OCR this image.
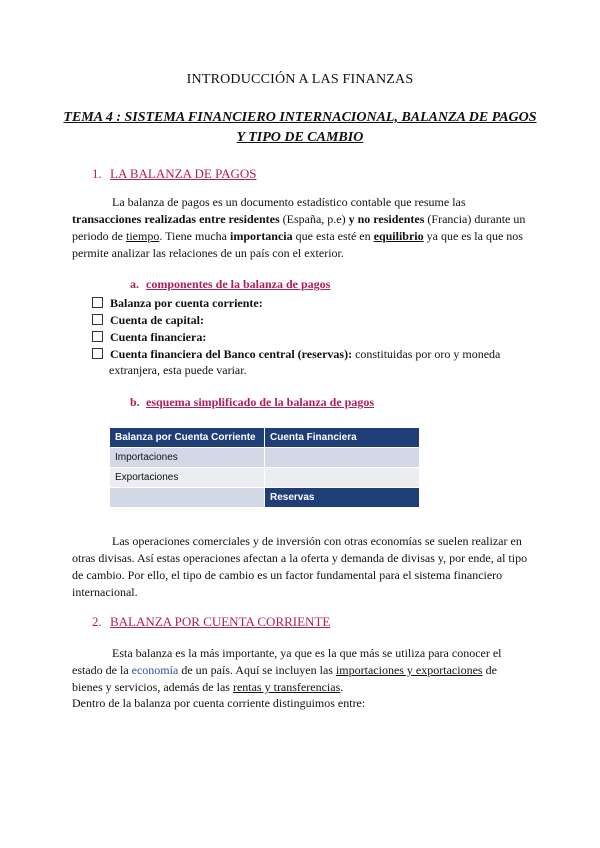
INTRODUCCIÓN A LAS FINANZAS
TEMA 4 : SISTEMA FINANCIERO INTERNACIONAL, BALANZA DE PAGOS Y TIPO DE CAMBIO
1. LA BALANZA DE PAGOS
La balanza de pagos es un documento estadístico contable que resume las transacciones realizadas entre residentes (España, p.e) y no residentes (Francia) durante un periodo de tiempo. Tiene mucha importancia que esta esté en equilibrio ya que es la que nos permite analizar las relaciones de un país con el exterior.
a. componentes de la balanza de pagos
Balanza por cuenta corriente:
Cuenta de capital:
Cuenta financiera:
Cuenta financiera del Banco central (reservas): constituidas por oro y moneda
extranjera, esta puede variar.
b. esquema simplificado de la balanza de pagos
Balanza por Cuenta Corriente	Cuenta Financiera
Importaciones	
Exportaciones	
	Reservas
Las operaciones comerciales y de inversión con otras economías se suelen realizar en otras divisas. Así estas operaciones afectan a la oferta y demanda de divisas y, por ende, al tipo de cambio. Por ello, el tipo de cambio es un factor fundamental para el sistema financiero internacional.
2. BALANZA POR CUENTA CORRIENTE
Esta balanza es la más importante, ya que es la que más se utiliza para conocer el estado de la economía de un país. Aquí se incluyen las importaciones y exportaciones de bienes y servicios, además de las rentas y transferencias.
Dentro de la balanza por cuenta corriente distinguimos entre:
